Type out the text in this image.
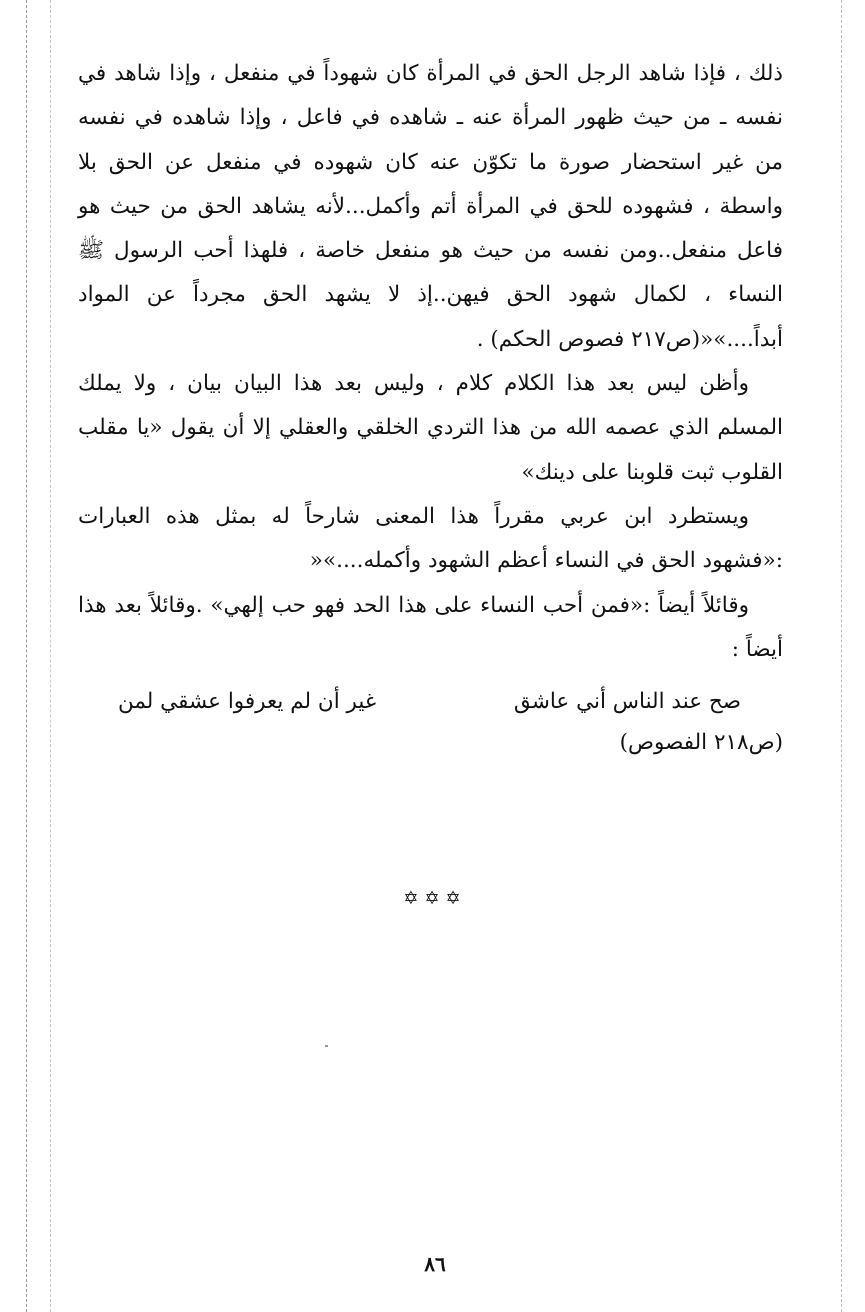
ذلك ، فإذا شاهد الرجل الحق في المرأة كان شهوداً في منفعل ، وإذا شاهد في نفسه ـ من حيث ظهور المرأة عنه ـ شاهده في فاعل ، وإذا شاهده في نفسه من غير استحضار صورة ما تكوّن عنه كان شهوده في منفعل عن الحق بلا واسطة ، فشهوده للحق في المرأة أتم وأكمل...لأنه يشاهد الحق من حيث هو فاعل منفعل..ومن نفسه من حيث هو منفعل خاصة ، فلهذا أحب الرسول ﷺ النساء ، لكمال شهود الحق فيهن..إذ لا يشهد الحق مجرداً عن المواد أبداً....»«(ص٢١٧ فصوص الحكم) .

وأظن ليس بعد هذا الكلام كلام ، وليس بعد هذا البيان بيان ، ولا يملك المسلم الذي عصمه الله من هذا التردي الخلقي والعقلي إلا أن يقول «يا مقلب القلوب ثبت قلوبنا على دينك»

ويستطرد ابن عربي مقرراً هذا المعنى شارحاً له بمثل هذه العبارات :«فشهود الحق في النساء أعظم الشهود وأكمله....»«

وقائلاً أيضاً :«فمن أحب النساء على هذا الحد فهو حب إلهي» .وقائلاً بعد هذا أيضاً :

صح عند الناس أني عاشق
غير أن لم يعرفوا عشقي لمن
(ص٢١٨ الفصوص)
✡✡✡
٨٦
